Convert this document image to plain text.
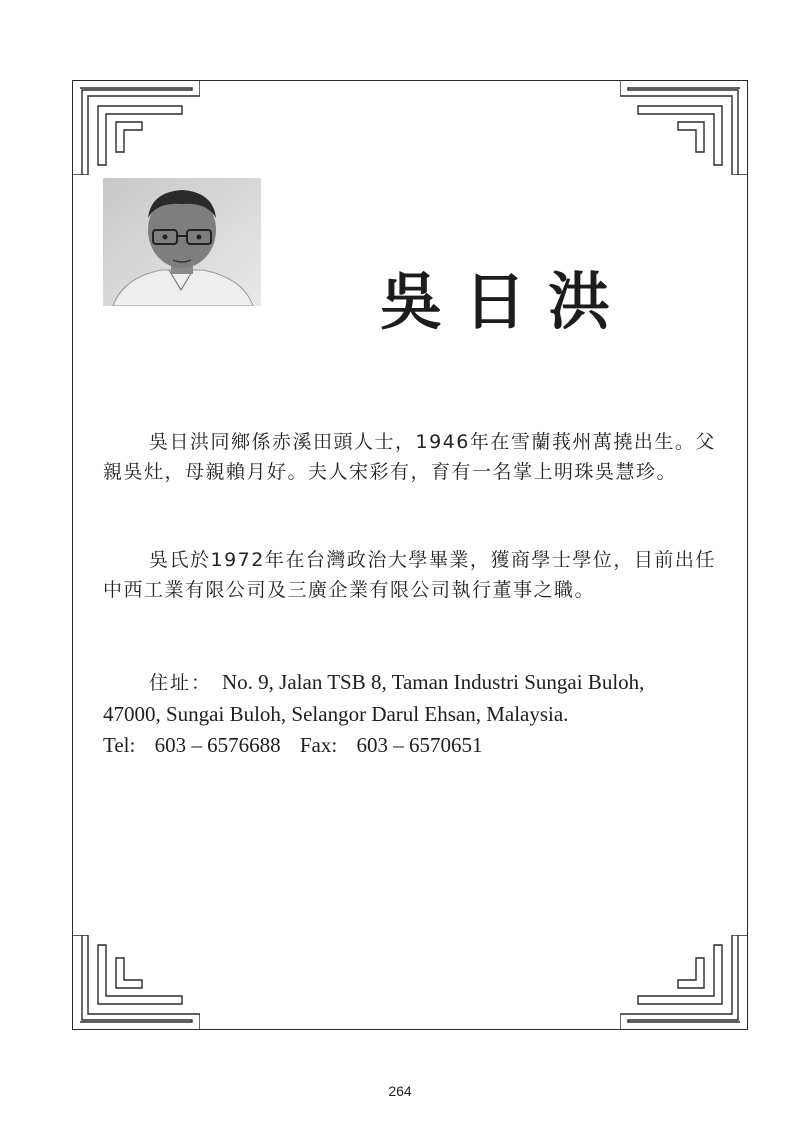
吳日洪

吳日洪同鄉係赤溪田頭人士，1946年在雪蘭莪州萬撓出生。父親吳灶，母親賴月好。夫人宋彩有，育有一名掌上明珠吳慧珍。

吳氏於1972年在台灣政治大學畢業，獲商學士學位，目前出任中西工業有限公司及三廣企業有限公司執行董事之職。

住址： No. 9, Jalan TSB 8, Taman Industri Sungai Buloh,
47000, Sungai Buloh, Selangor Darul Ehsan, Malaysia.
Tel: 603 – 6576688 Fax: 603 – 6570651
264
